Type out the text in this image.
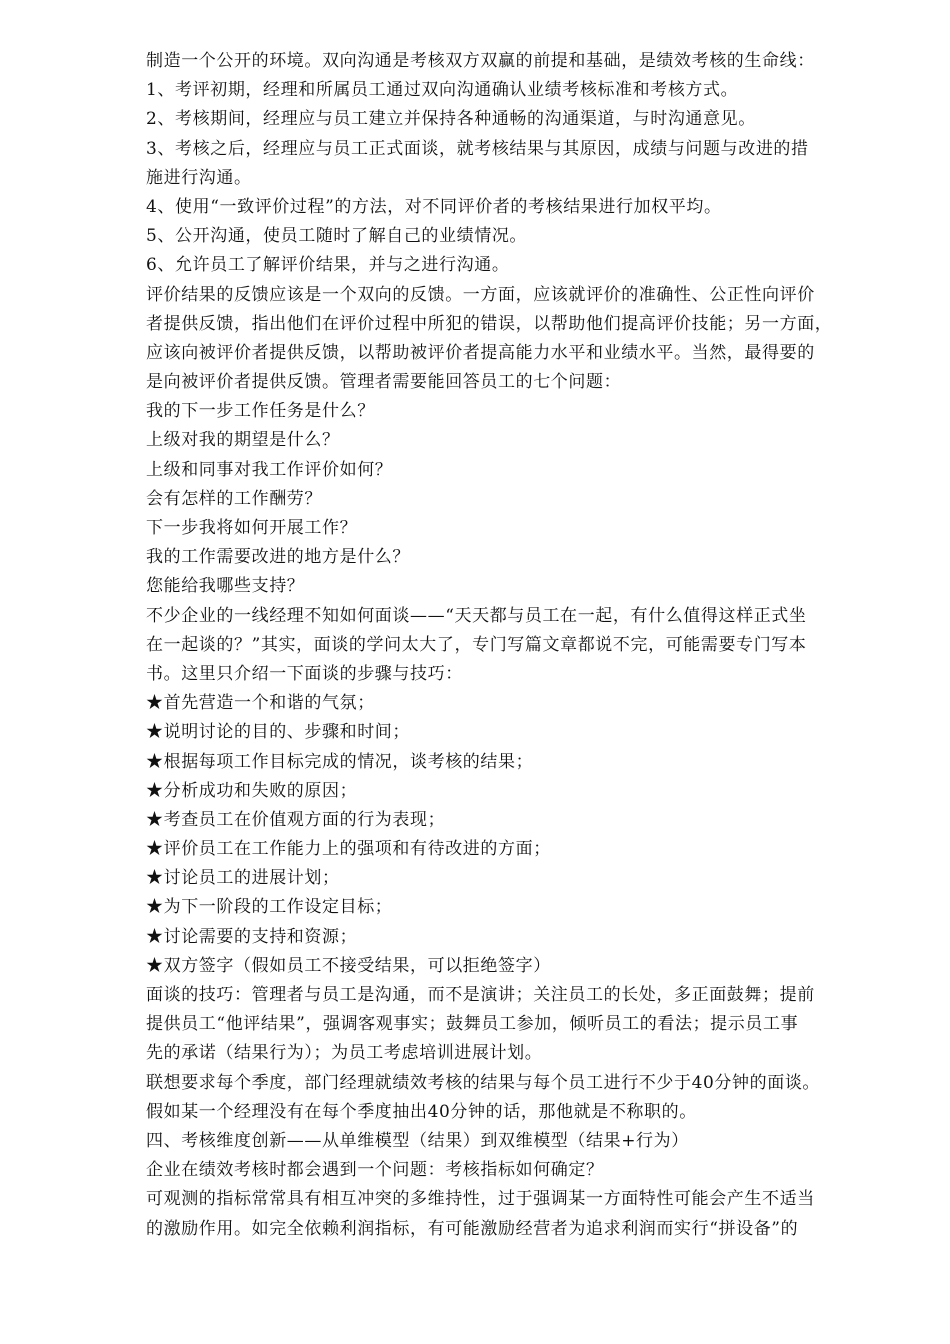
制造一个公开的环境。双向沟通是考核双方双赢的前提和基础，是绩效考核的生命线：
1、考评初期，经理和所属员工通过双向沟通确认业绩考核标准和考核方式。
2、考核期间，经理应与员工建立并保持各种通畅的沟通渠道，与时沟通意见。
3、考核之后，经理应与员工正式面谈，就考核结果与其原因，成绩与问题与改进的措
施进行沟通。
4、使用“一致评价过程”的方法，对不同评价者的考核结果进行加权平均。
5、公开沟通，使员工随时了解自己的业绩情况。
6、允许员工了解评价结果，并与之进行沟通。
评价结果的反馈应该是一个双向的反馈。一方面，应该就评价的准确性、公正性向评价
者提供反馈，指出他们在评价过程中所犯的错误，以帮助他们提高评价技能；另一方面，
应该向被评价者提供反馈，以帮助被评价者提高能力水平和业绩水平。当然，最得要的
是向被评价者提供反馈。管理者需要能回答员工的七个问题：
我的下一步工作任务是什么？
上级对我的期望是什么？
上级和同事对我工作评价如何？
会有怎样的工作酬劳？
下一步我将如何开展工作？
我的工作需要改进的地方是什么？
您能给我哪些支持？
不少企业的一线经理不知如何面谈——“天天都与员工在一起，有什么值得这样正式坐
在一起谈的？”其实，面谈的学问太大了，专门写篇文章都说不完，可能需要专门写本
书。这里只介绍一下面谈的步骤与技巧：
★首先营造一个和谐的气氛；
★说明讨论的目的、步骤和时间；
★根据每项工作目标完成的情况，谈考核的结果；
★分析成功和失败的原因；
★考查员工在价值观方面的行为表现；
★评价员工在工作能力上的强项和有待改进的方面；
★讨论员工的进展计划；
★为下一阶段的工作设定目标；
★讨论需要的支持和资源；
★双方签字（假如员工不接受结果，可以拒绝签字）
面谈的技巧：管理者与员工是沟通，而不是演讲；关注员工的长处，多正面鼓舞；提前
提供员工“他评结果”，强调客观事实；鼓舞员工参加，倾听员工的看法；提示员工事
先的承诺（结果行为）；为员工考虑培训进展计划。
联想要求每个季度，部门经理就绩效考核的结果与每个员工进行不少于40分钟的面谈。
假如某一个经理没有在每个季度抽出40分钟的话，那他就是不称职的。
四、考核维度创新——从单维模型（结果）到双维模型（结果+行为）
企业在绩效考核时都会遇到一个问题：考核指标如何确定？
可观测的指标常常具有相互冲突的多维持性，过于强调某一方面特性可能会产生不适当
的激励作用。如完全依赖利润指标，有可能激励经营者为追求利润而实行“拼设备”的
